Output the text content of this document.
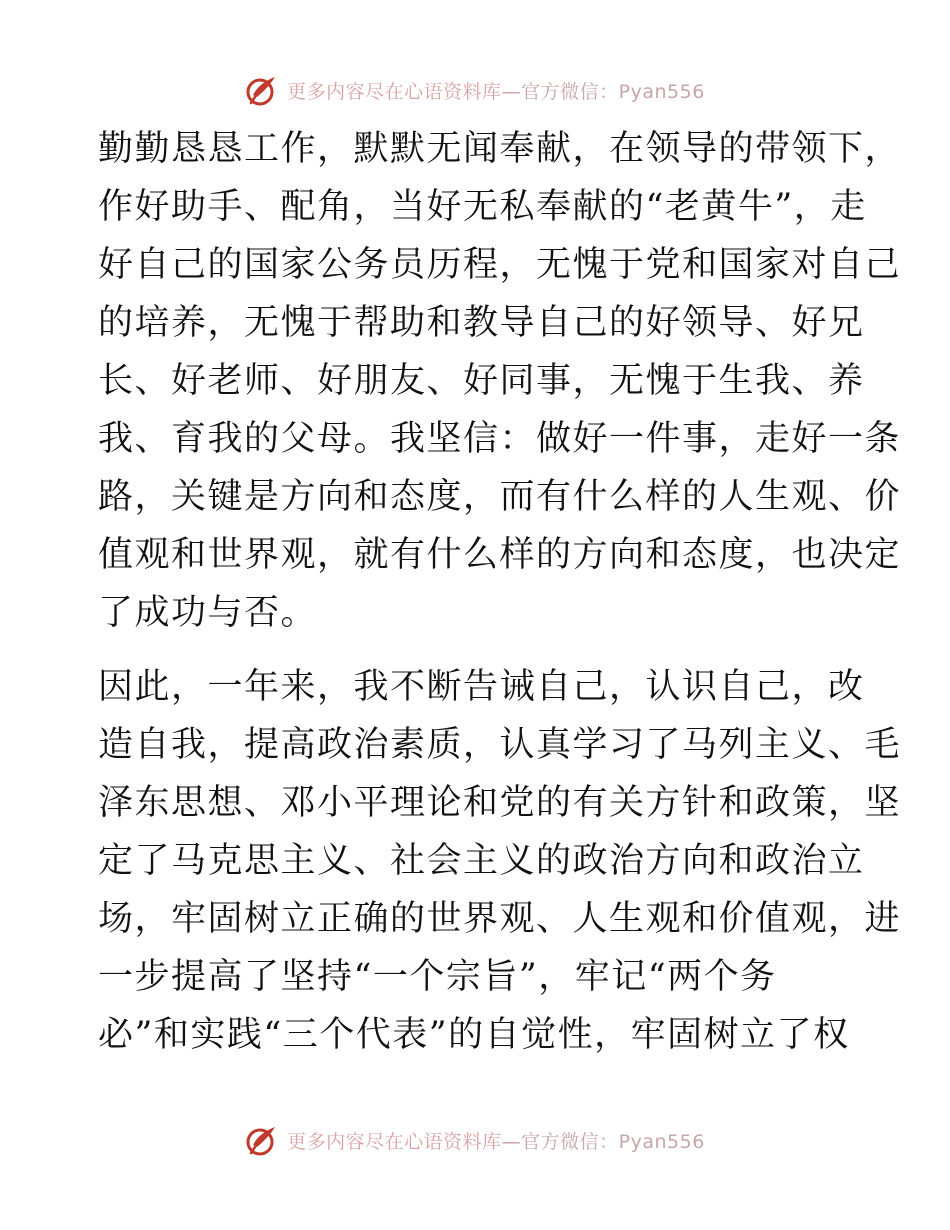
更多内容尽在心语资料库—官方微信：Pyan556
勤勤恳恳工作，默默无闻奉献，在领导的带领下，
作好助手、配角，当好无私奉献的“老黄牛”，走
好自己的国家公务员历程，无愧于党和国家对自己
的培养，无愧于帮助和教导自己的好领导、好兄
长、好老师、好朋友、好同事，无愧于生我、养
我、育我的父母。我坚信：做好一件事，走好一条
路，关键是方向和态度，而有什么样的人生观、价
值观和世界观，就有什么样的方向和态度，也决定
了成功与否。
因此，一年来，我不断告诫自己，认识自己，改
造自我，提高政治素质，认真学习了马列主义、毛
泽东思想、邓小平理论和党的有关方针和政策，坚
定了马克思主义、社会主义的政治方向和政治立
场，牢固树立正确的世界观、人生观和价值观，进
一步提高了坚持“一个宗旨”，牢记“两个务
必”和实践“三个代表”的自觉性，牢固树立了权
更多内容尽在心语资料库—官方微信：Pyan556
